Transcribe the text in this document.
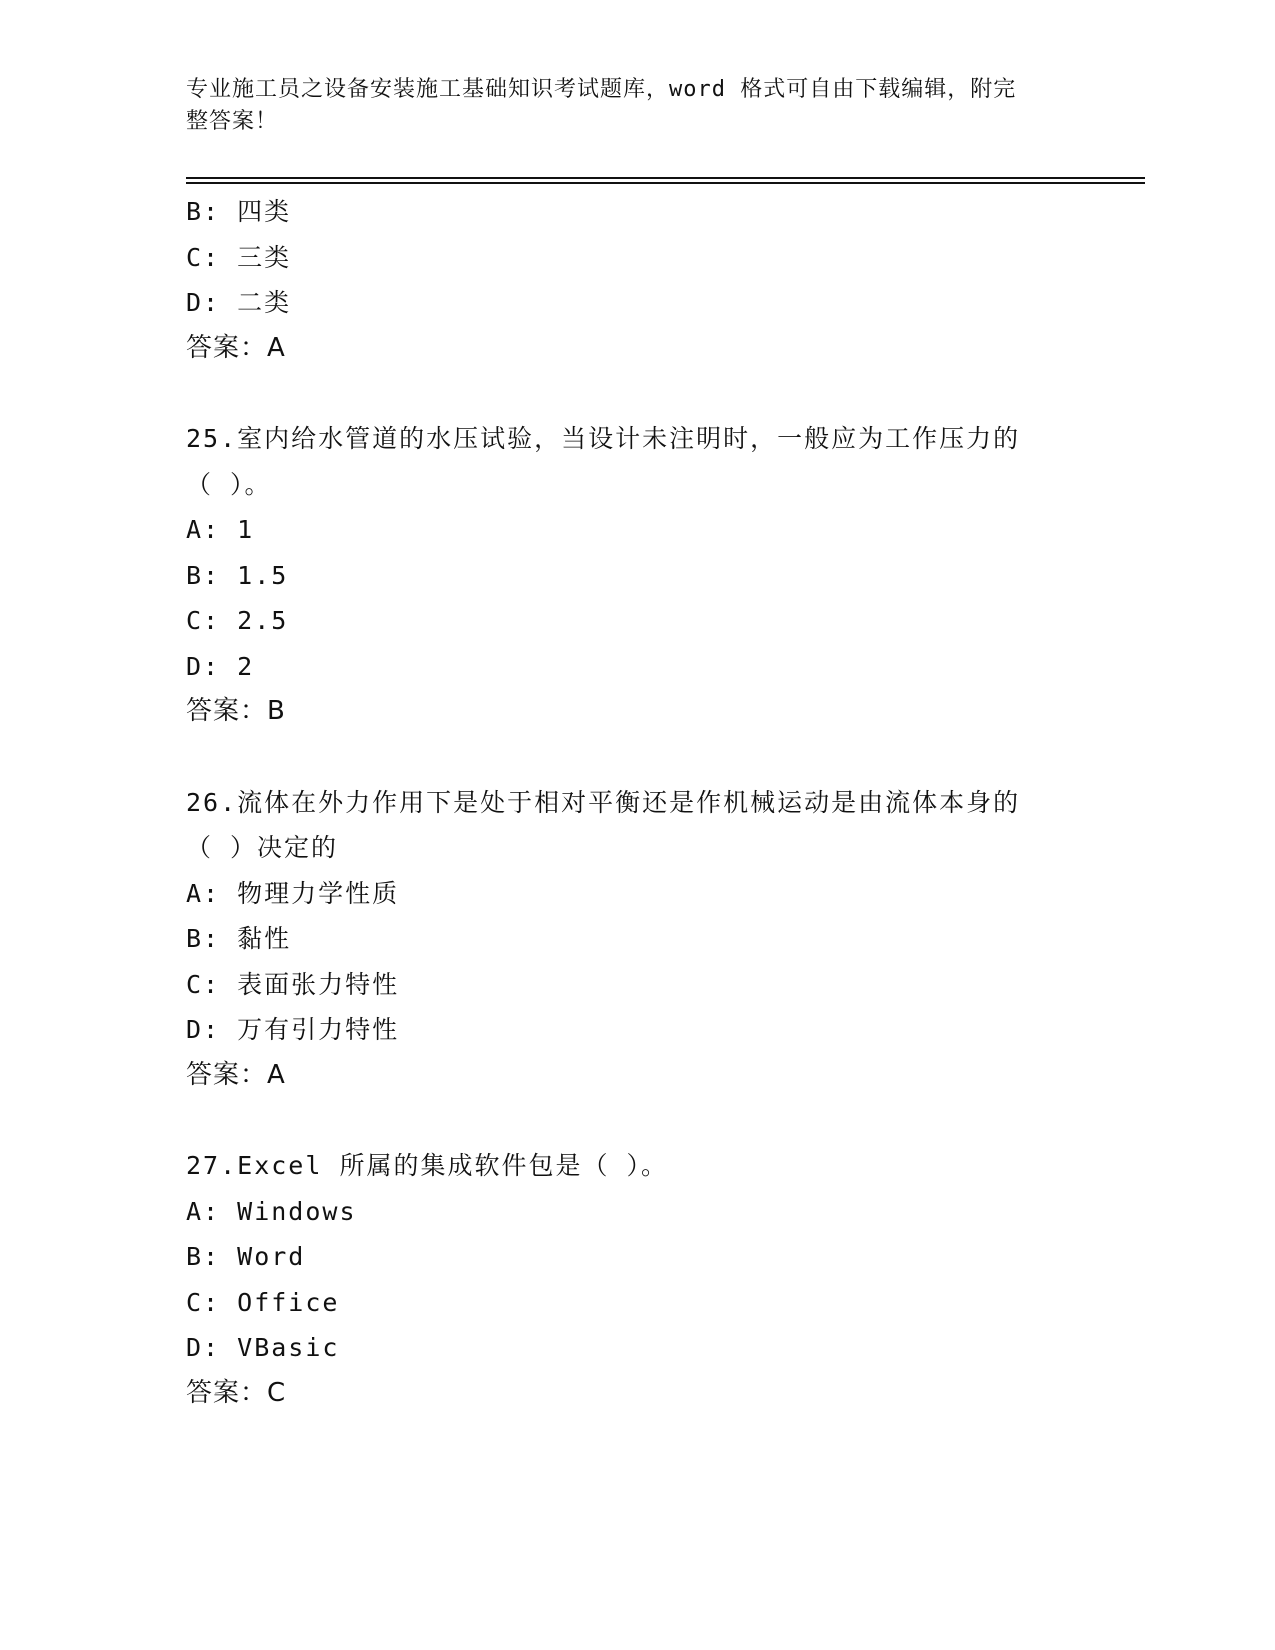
专业施工员之设备安装施工基础知识考试题库，word 格式可自由下载编辑，附完
整答案！
B: 四类
C: 三类
D: 二类
答案：A
25.室内给水管道的水压试验，当设计未注明时，一般应为工作压力的
（ ）。
A: 1
B: 1.5
C: 2.5
D: 2
答案：B
26.流体在外力作用下是处于相对平衡还是作机械运动是由流体本身的
（ ）决定的
A: 物理力学性质
B: 黏性
C: 表面张力特性
D: 万有引力特性
答案：A
27.Excel 所属的集成软件包是（ ）。
A: Windows
B: Word
C: Office
D: VBasic
答案：C
